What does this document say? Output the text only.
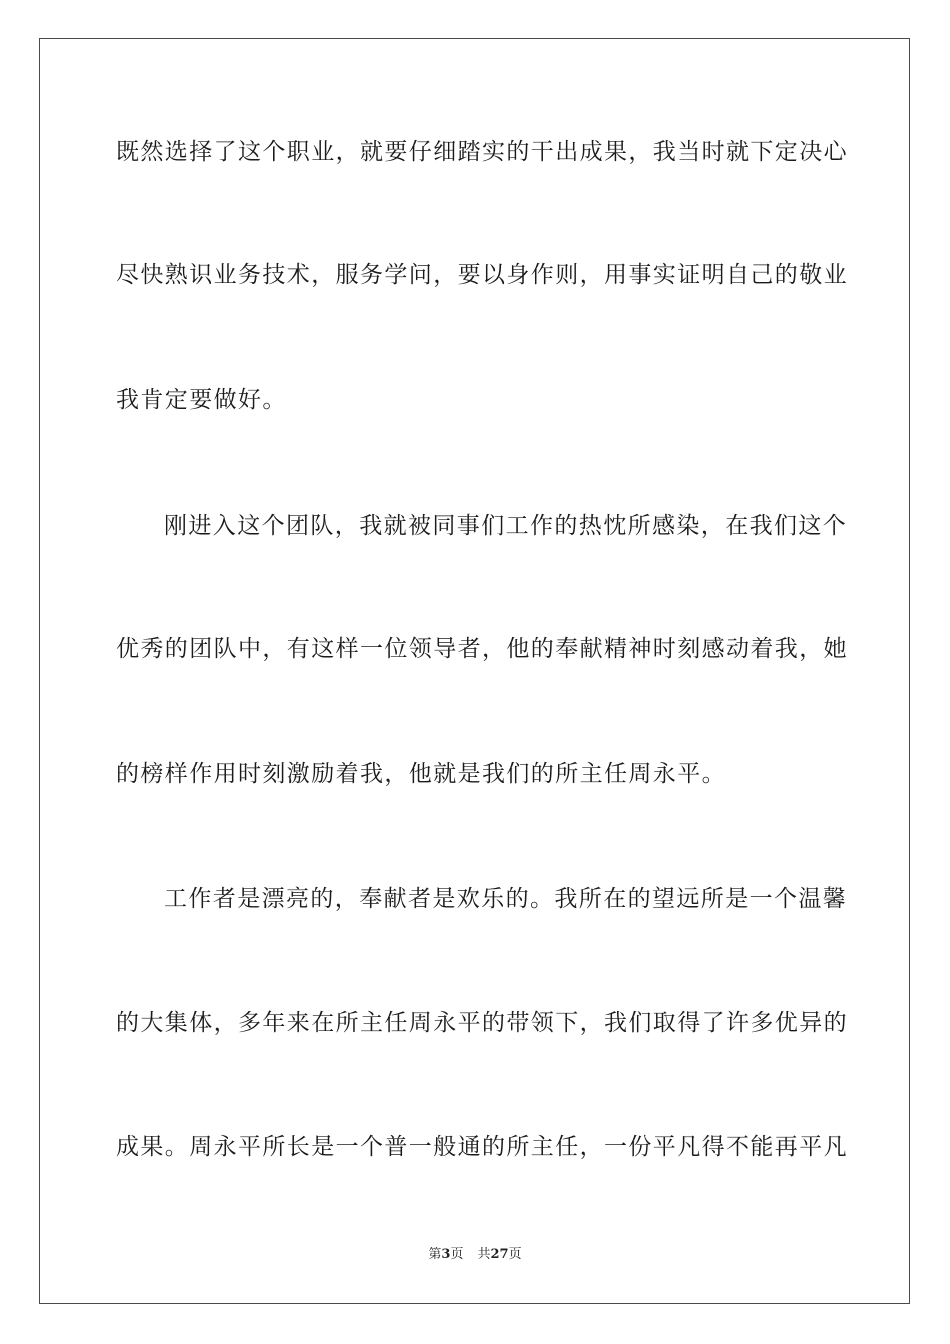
既然选择了这个职业，就要仔细踏实的干出成果，我当时就下定决心
尽快熟识业务技术，服务学问，要以身作则，用事实证明自己的敬业
我肯定要做好。
刚进入这个团队，我就被同事们工作的热忱所感染，在我们这个
优秀的团队中，有这样一位领导者，他的奉献精神时刻感动着我，她
的榜样作用时刻激励着我，他就是我们的所主任周永平。
工作者是漂亮的，奉献者是欢乐的。我所在的望远所是一个温馨
的大集体，多年来在所主任周永平的带领下，我们取得了许多优异的
成果。周永平所长是一个普一般通的所主任，一份平凡得不能再平凡
第3页 共27页
